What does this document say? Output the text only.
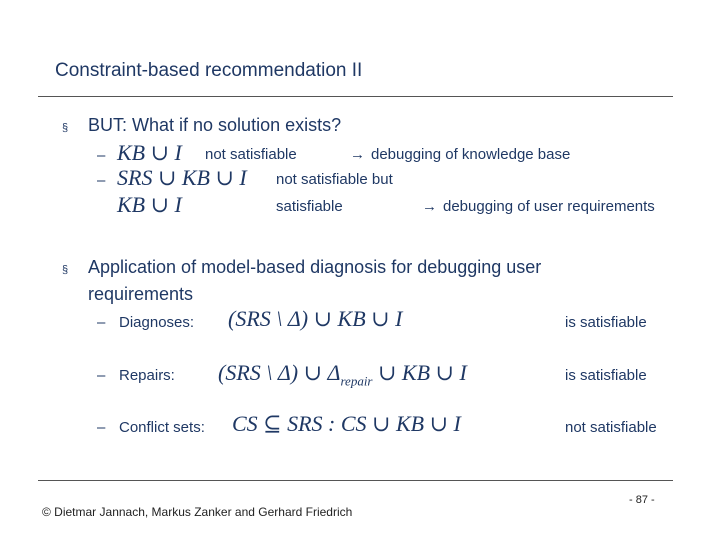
Constraint-based recommendation II
§ BUT: What if no solution exists?
– KB ∪ I not satisfiable	→ debugging of knowledge base
– SRS ∪ KB ∪ I not satisfiable but
KB ∪ I	satisfiable	→ debugging of user requirements
§ Application of model-based diagnosis for debugging user
requirements
– Diagnoses: (SRS \ Δ) ∪ KB ∪ I	is satisfiable
– Repairs: (SRS \ Δ) ∪ $\Delta_{repair}$ ∪ KB ∪ I	is satisfiable
– Conflict sets: CS ⊆ SRS : CS ∪ KB ∪ I	not satisfiable
© Dietmar Jannach, Markus Zanker and Gerhard Friedrich
- 87 -
